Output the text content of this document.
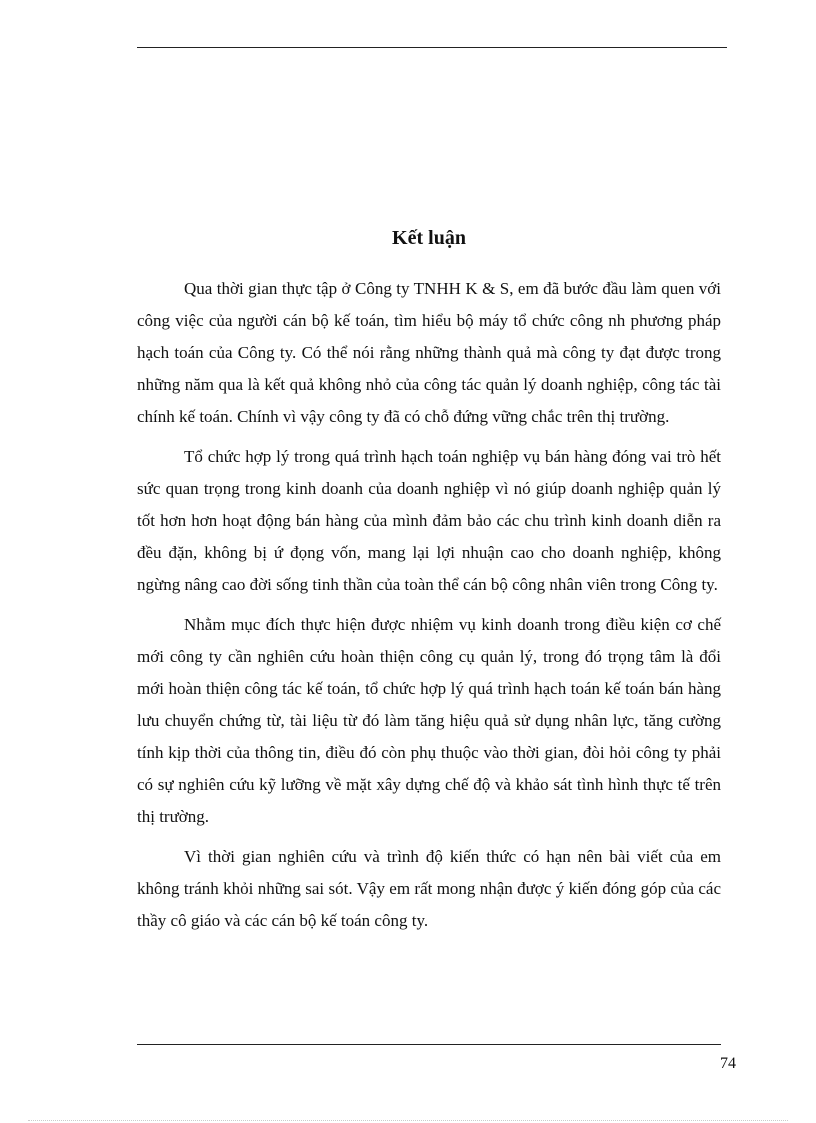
Kết luận

Qua thời gian thực tập ở Công ty TNHH K & S, em đã bước đầu làm quen với công việc của người cán bộ kế toán, tìm hiểu bộ máy tổ chức công nh phương pháp hạch toán của Công ty. Có thể nói rằng những thành quả mà công ty đạt được trong những năm qua là kết quả không nhỏ của công tác quản lý doanh nghiệp, công tác tài chính kế toán. Chính vì vậy công ty đã có chỗ đứng vững chắc trên thị trường.

Tổ chức hợp lý trong quá trình hạch toán nghiệp vụ bán hàng đóng vai trò hết sức quan trọng trong kinh doanh của doanh nghiệp vì nó giúp doanh nghiệp quản lý tốt hơn hơn hoạt động bán hàng của mình đảm bảo các chu trình kinh doanh diễn ra đều đặn, không bị ứ đọng vốn, mang lại lợi nhuận cao cho doanh nghiệp, không ngừng nâng cao đời sống tinh thần của toàn thể cán bộ công nhân viên trong Công ty.

Nhằm mục đích thực hiện được nhiệm vụ kinh doanh trong điều kiện cơ chế mới công ty cần nghiên cứu hoàn thiện công cụ quản lý, trong đó trọng tâm là đổi mới hoàn thiện công tác kế toán, tổ chức hợp lý quá trình hạch toán kế toán bán hàng lưu chuyển chứng từ, tài liệu từ đó làm tăng hiệu quả sử dụng nhân lực, tăng cường tính kịp thời của thông tin, điều đó còn phụ thuộc vào thời gian, đòi hỏi công ty phải có sự nghiên cứu kỹ lưỡng về mặt xây dựng chế độ và khảo sát tình hình thực tế trên thị trường.

Vì thời gian nghiên cứu và trình độ kiến thức có hạn nên bài viết của em không tránh khỏi những sai sót. Vậy em rất mong nhận được ý kiến đóng góp của các thầy cô giáo và các cán bộ kế toán công ty.

74
